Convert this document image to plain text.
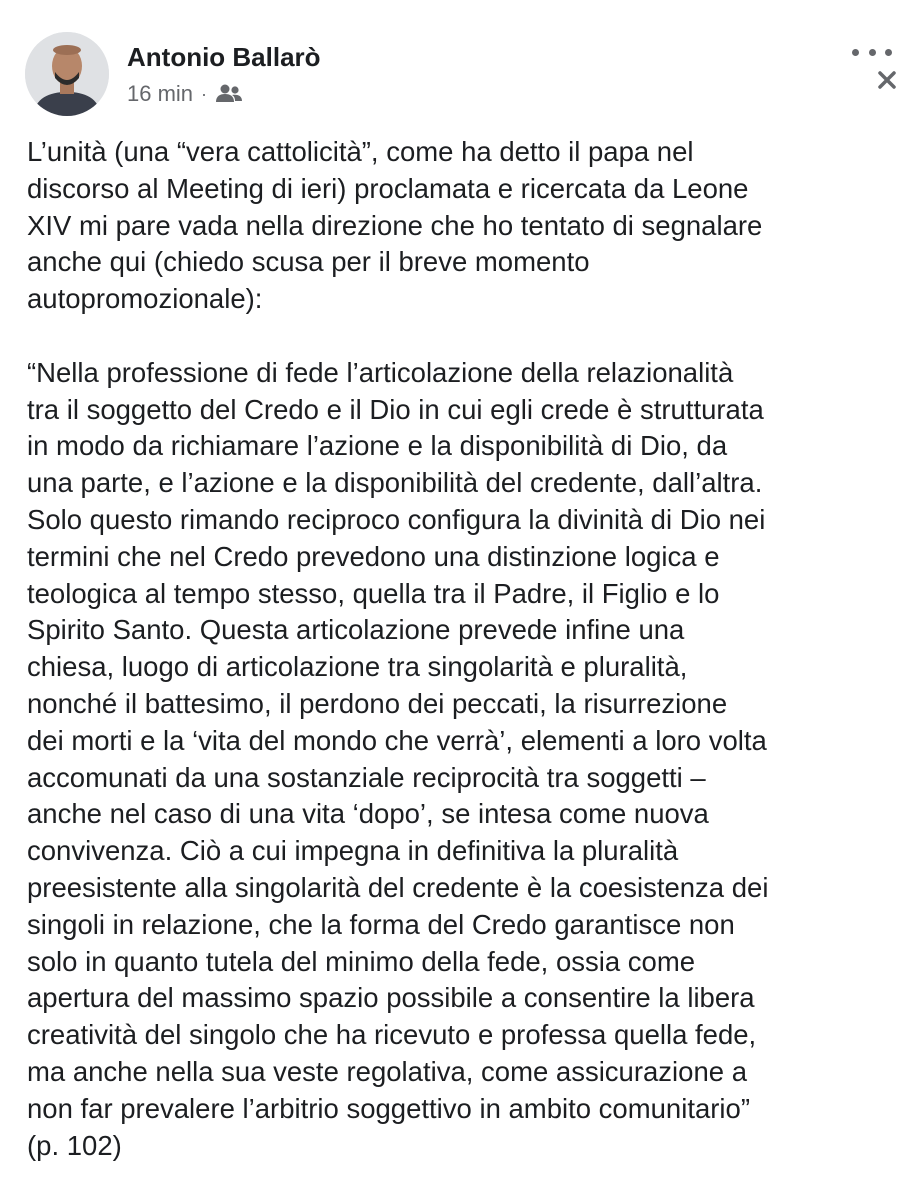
Antonio Ballarò
16 min ·

L’unità (una “vera cattolicità”, come ha detto il papa nel

discorso al Meeting di ieri) proclamata e ricercata da Leone

XIV mi pare vada nella direzione che ho tentato di segnalare

anche qui (chiedo scusa per il breve momento

autopromozionale):

“Nella professione di fede l’articolazione della relazionalità

tra il soggetto del Credo e il Dio in cui egli crede è strutturata

in modo da richiamare l’azione e la disponibilità di Dio, da

una parte, e l’azione e la disponibilità del credente, dall’altra.

Solo questo rimando reciproco configura la divinità di Dio nei

termini che nel Credo prevedono una distinzione logica e

teologica al tempo stesso, quella tra il Padre, il Figlio e lo

Spirito Santo. Questa articolazione prevede infine una

chiesa, luogo di articolazione tra singolarità e pluralità,

nonché il battesimo, il perdono dei peccati, la risurrezione

dei morti e la ‘vita del mondo che verrà’, elementi a loro volta

accomunati da una sostanziale reciprocità tra soggetti –

anche nel caso di una vita ‘dopo’, se intesa come nuova

convivenza. Ciò a cui impegna in definitiva la pluralità

preesistente alla singolarità del credente è la coesistenza dei

singoli in relazione, che la forma del Credo garantisce non

solo in quanto tutela del minimo della fede, ossia come

apertura del massimo spazio possibile a consentire la libera

creatività del singolo che ha ricevuto e professa quella fede,

ma anche nella sua veste regolativa, come assicurazione a

non far prevalere l’arbitrio soggettivo in ambito comunitario”

(p. 102)
